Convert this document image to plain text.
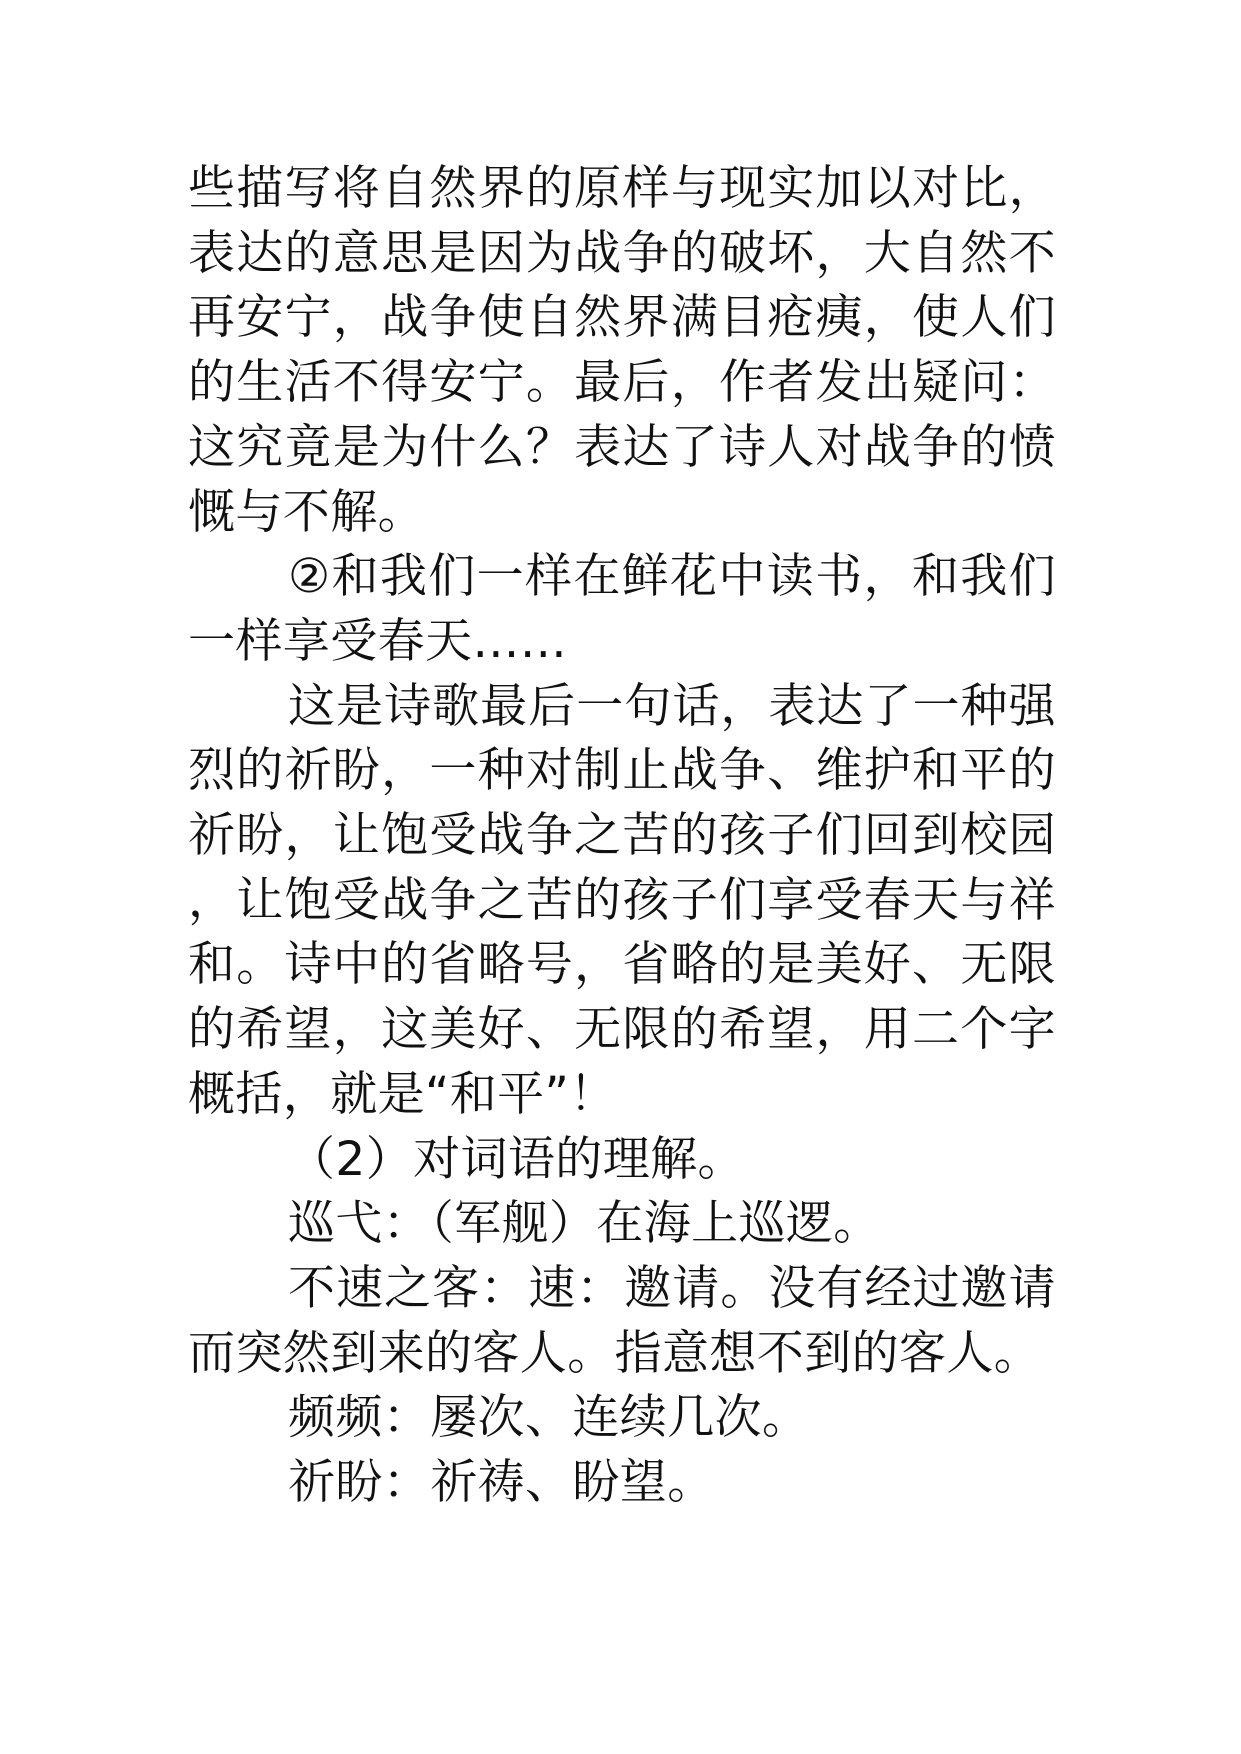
些描写将自然界的原样与现实加以对比，表达的意思是因为战争的破坏，大自然不再安宁，战争使自然界满目疮痍，使人们的生活不得安宁。最后，作者发出疑问：这究竟是为什么？表达了诗人对战争的愤慨与不解。

②和我们一样在鲜花中读书，和我们一样享受春天……

这是诗歌最后一句话，表达了一种强烈的祈盼，一种对制止战争、维护和平的祈盼，让饱受战争之苦的孩子们回到校园，让饱受战争之苦的孩子们享受春天与祥和。诗中的省略号，省略的是美好、无限的希望，这美好、无限的希望，用二个字概括，就是“和平”！

（2）对词语的理解。

巡弋：（军舰）在海上巡逻。

不速之客：速：邀请。没有经过邀请而突然到来的客人。指意想不到的客人。

频频：屡次、连续几次。

祈盼：祈祷、盼望。
